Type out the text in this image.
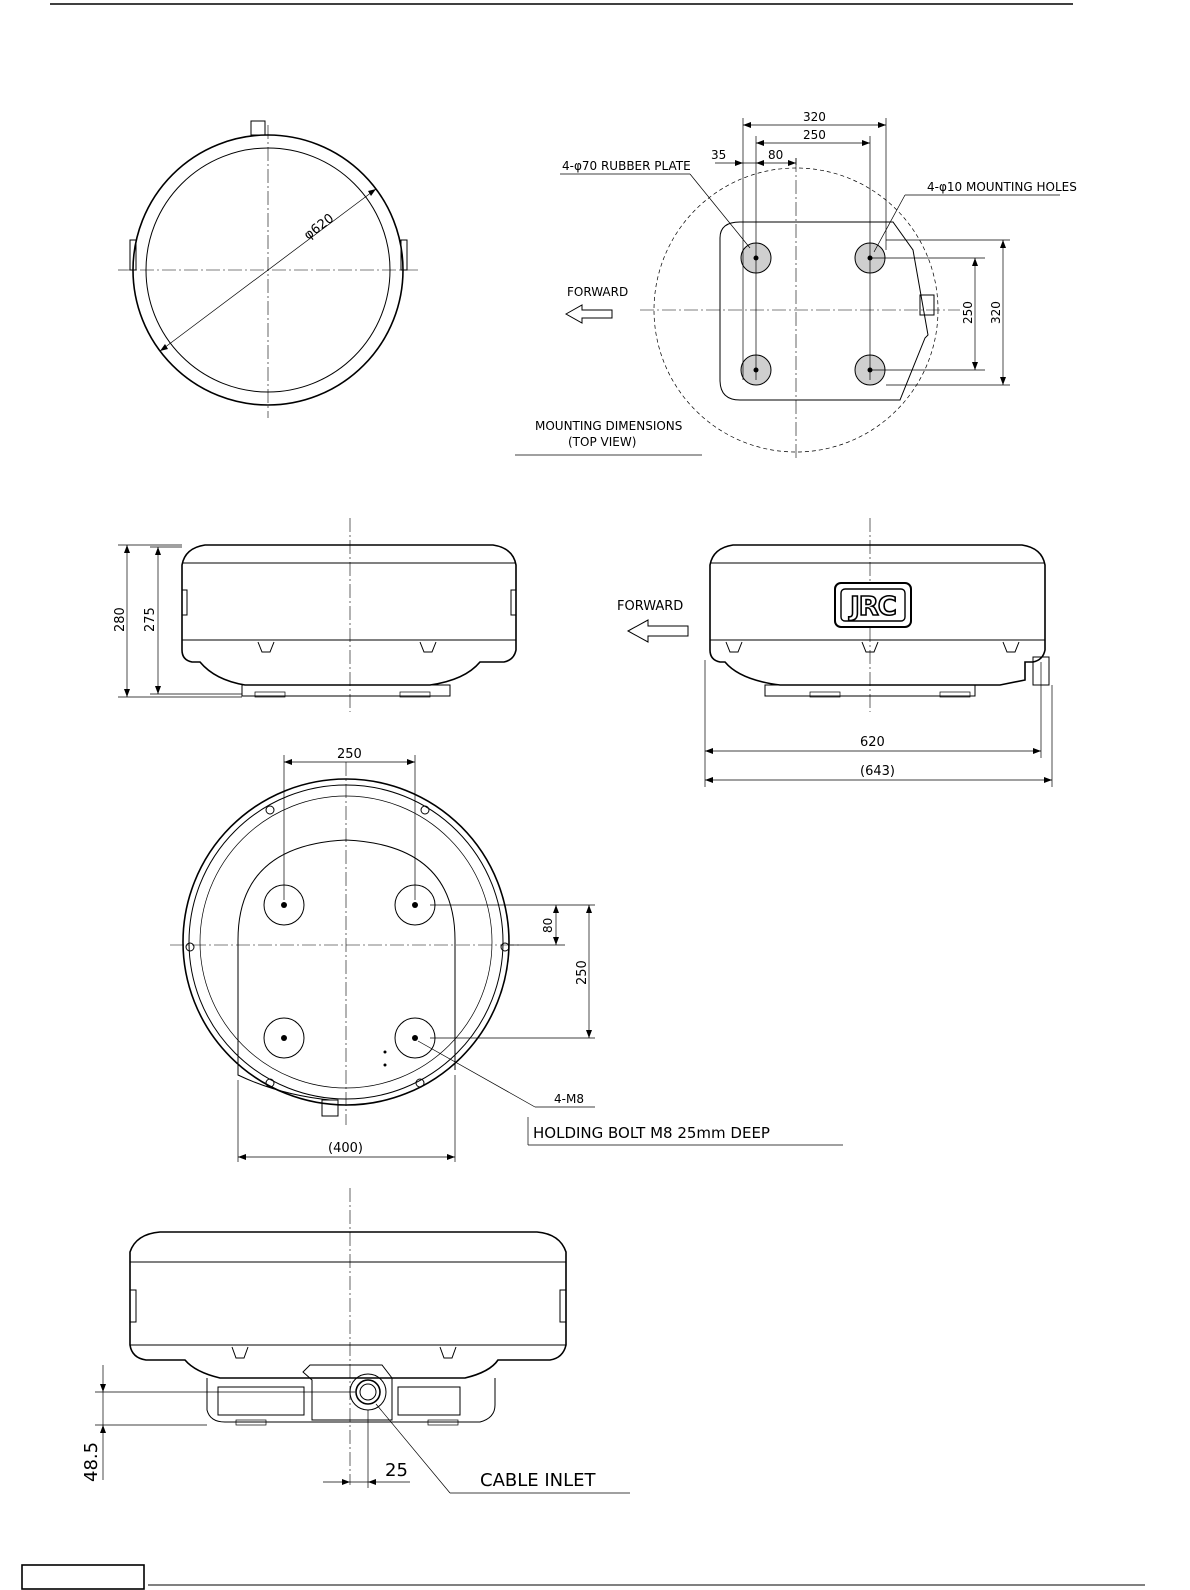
φ620
320
250
35	80
4-φ70 RUBBER PLATE
4-φ10 MOUNTING HOLES
FORWARD
250 320
MOUNTING DIMENSIONS
(TOP VIEW)
280 275	JRC
FORWARD
620
(643)
250
80
250
4-M8
HOLDING BOLT M8 25mm DEEP
(400)
48.5	25	CABLE INLET
